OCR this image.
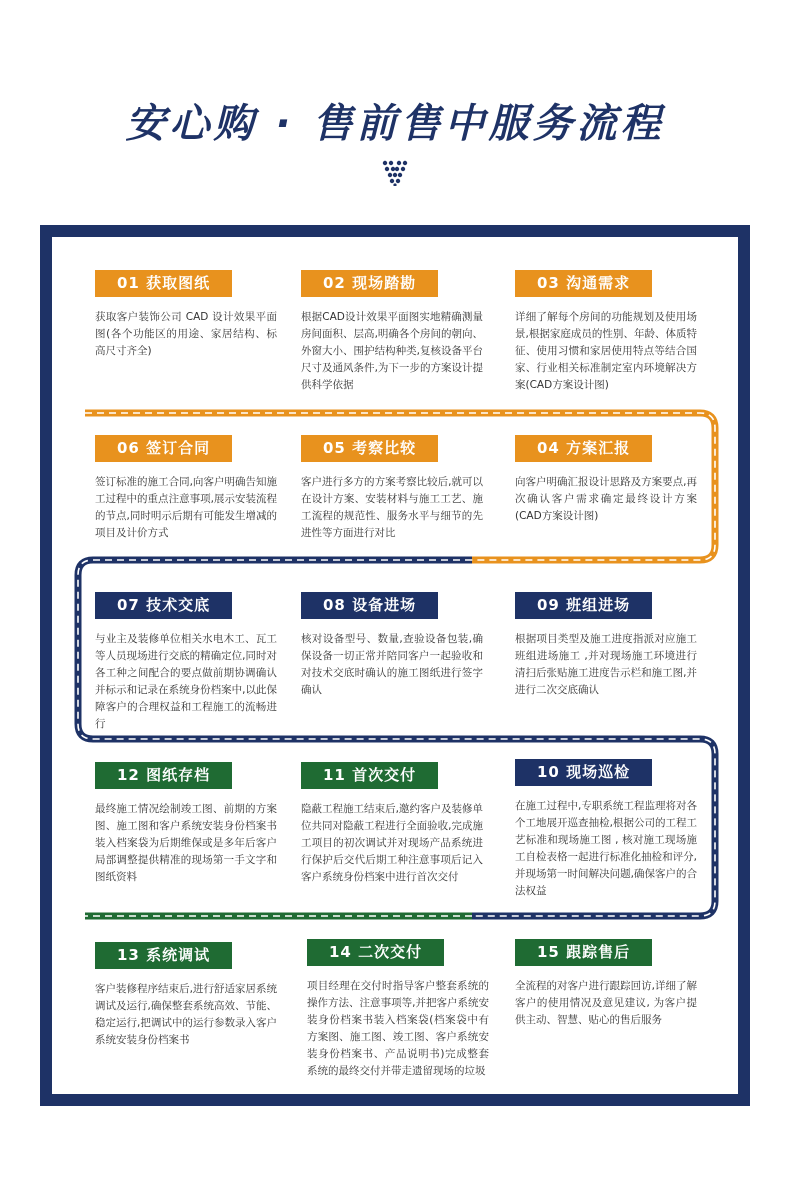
安心购 · 售前售中服务流程
01 获取图纸
获取客户装饰公司 CAD 设计效果平面图(各个功能区的用途、家居结构、标高尺寸齐全)
02 现场踏勘
根据CAD设计效果平面图实地精确测量房间面积、层高,明确各个房间的朝向、外窗大小、围护结构种类,复核设备平台尺寸及通风条件,为下一步的方案设计提供科学依据
03 沟通需求
详细了解每个房间的功能规划及使用场景,根据家庭成员的性别、年龄、体质特征、使用习惯和家居使用特点等结合国家、行业相关标准制定室内环境解决方案(CAD方案设计图)
06 签订合同
签订标准的施工合同,向客户明确告知施工过程中的重点注意事项,展示安装流程的节点,同时明示后期有可能发生增减的项目及计价方式
05 考察比较
客户进行多方的方案考察比较后,就可以在设计方案、安装材料与施工工艺、施工流程的规范性、服务水平与细节的先进性等方面进行对比
04 方案汇报
向客户明确汇报设计思路及方案要点,再次确认客户需求确定最终设计方案(CAD方案设计图)
07 技术交底
与业主及装修单位相关水电木工、瓦工等人员现场进行交底的精确定位,同时对各工种之间配合的要点做前期协调确认并标示和记录在系统身份档案中,以此保障客户的合理权益和工程施工的流畅进行
08 设备进场
核对设备型号、数量,查验设备包装,确保设备一切正常并陪同客户一起验收和对技术交底时确认的施工图纸进行签字确认
09 班组进场
根据项目类型及施工进度指派对应施工班组进场施工 ,并对现场施工环境进行清扫后张贴施工进度告示栏和施工图,并进行二次交底确认
12 图纸存档
最终施工情况绘制竣工图、前期的方案图、施工图和客户系统安装身份档案书装入档案袋为后期维保或是多年后客户局部调整提供精准的现场第一手文字和图纸资料
11 首次交付
隐蔽工程施工结束后,邀约客户及装修单位共同对隐蔽工程进行全面验收,完成施工项目的初次调试并对现场产品系统进行保护后交代后期工种注意事项后记入客户系统身份档案中进行首次交付
10 现场巡检
在施工过程中,专职系统工程监理将对各个工地展开巡查抽检,根据公司的工程工艺标准和现场施工图 , 核对施工现场施工自检表格一起进行标准化抽检和评分,并现场第一时间解决问题,确保客户的合法权益
13 系统调试
客户装修程序结束后,进行舒适家居系统调试及运行,确保整套系统高效、节能、稳定运行,把调试中的运行参数录入客户系统安装身份档案书
14 二次交付
项目经理在交付时指导客户整套系统的操作方法、注意事项等,并把客户系统安装身份档案书装入档案袋(档案袋中有方案图、施工图、竣工图、客户系统安装身份档案书、产品说明书)完成整套系统的最终交付并带走遗留现场的垃圾
15 跟踪售后
全流程的对客户进行跟踪回访,详细了解客户的使用情况及意见建议, 为客户提供主动、智慧、贴心的售后服务
